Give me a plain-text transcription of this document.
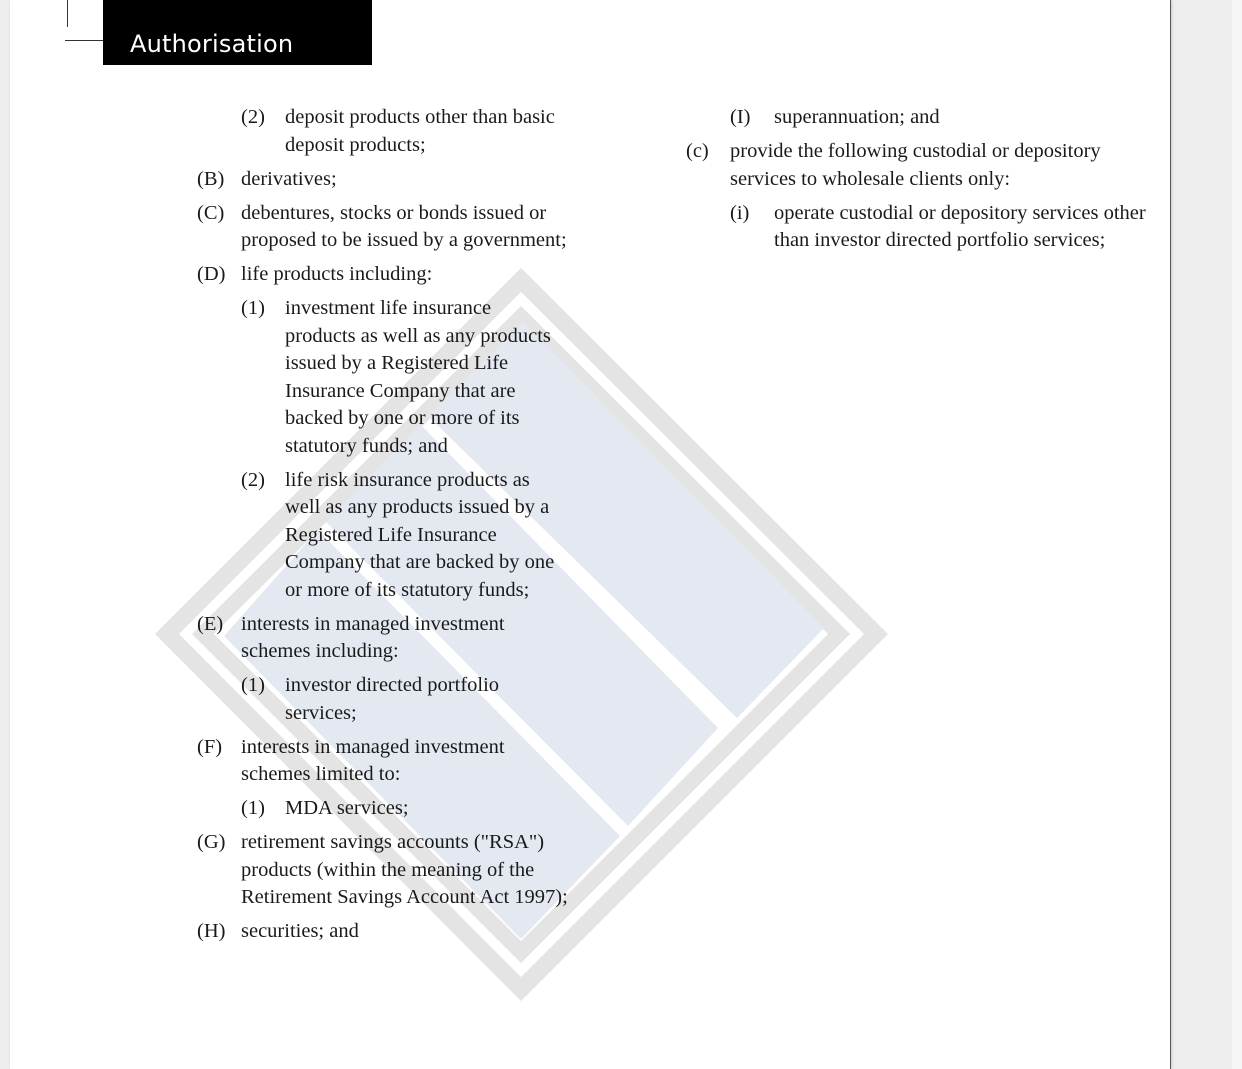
Authorisation
(2) deposit products other than basic deposit products;
(B) derivatives;
(C) debentures, stocks or bonds issued or proposed to be issued by a government;
(D) life products including:
(1) investment life insurance products as well as any products issued by a Registered Life Insurance Company that are backed by one or more of its statutory funds; and
(2) life risk insurance products as well as any products issued by a Registered Life Insurance Company that are backed by one or more of its statutory funds;
(E) interests in managed investment schemes including:
(1) investor directed portfolio services;
(F) interests in managed investment schemes limited to:
(1) MDA services;
(G) retirement savings accounts ("RSA") products (within the meaning of the Retirement Savings Account Act 1997);
(H) securities; and
(I) superannuation; and
(c) provide the following custodial or depository services to wholesale clients only:
(i) operate custodial or depository services other than investor directed portfolio services;
